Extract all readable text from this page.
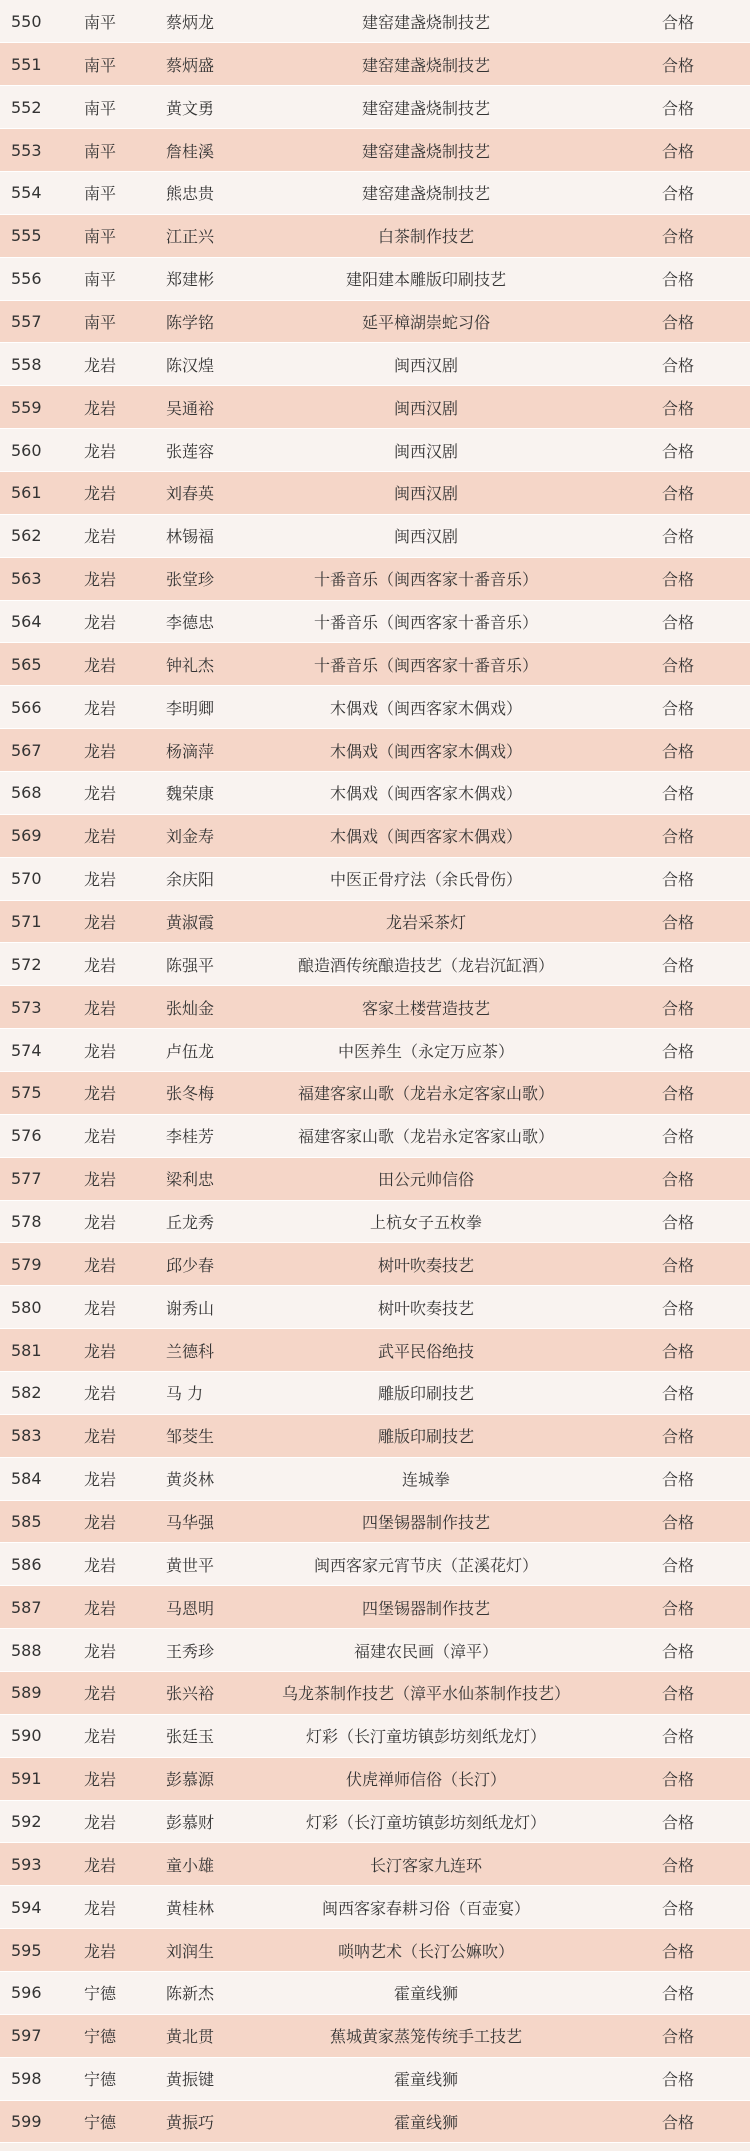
550	南平	蔡炳龙	建窑建盏烧制技艺	合格
551	南平	蔡炳盛	建窑建盏烧制技艺	合格
552	南平	黄文勇	建窑建盏烧制技艺	合格
553	南平	詹桂溪	建窑建盏烧制技艺	合格
554	南平	熊忠贵	建窑建盏烧制技艺	合格
555	南平	江正兴	白茶制作技艺	合格
556	南平	郑建彬	建阳建本雕版印刷技艺	合格
557	南平	陈学铭	延平樟湖崇蛇习俗	合格
558	龙岩	陈汉煌	闽西汉剧	合格
559	龙岩	吴通裕	闽西汉剧	合格
560	龙岩	张莲容	闽西汉剧	合格
561	龙岩	刘春英	闽西汉剧	合格
562	龙岩	林锡福	闽西汉剧	合格
563	龙岩	张堂珍	十番音乐（闽西客家十番音乐）	合格
564	龙岩	李德忠	十番音乐（闽西客家十番音乐）	合格
565	龙岩	钟礼杰	十番音乐（闽西客家十番音乐）	合格
566	龙岩	李明卿	木偶戏（闽西客家木偶戏）	合格
567	龙岩	杨滴萍	木偶戏（闽西客家木偶戏）	合格
568	龙岩	魏荣康	木偶戏（闽西客家木偶戏）	合格
569	龙岩	刘金寿	木偶戏（闽西客家木偶戏）	合格
570	龙岩	余庆阳	中医正骨疗法（余氏骨伤）	合格
571	龙岩	黄淑霞	龙岩采茶灯	合格
572	龙岩	陈强平	酿造酒传统酿造技艺（龙岩沉缸酒）	合格
573	龙岩	张灿金	客家土楼营造技艺	合格
574	龙岩	卢伍龙	中医养生（永定万应茶）	合格
575	龙岩	张冬梅	福建客家山歌（龙岩永定客家山歌）	合格
576	龙岩	李桂芳	福建客家山歌（龙岩永定客家山歌）	合格
577	龙岩	梁利忠	田公元帅信俗	合格
578	龙岩	丘龙秀	上杭女子五枚拳	合格
579	龙岩	邱少春	树叶吹奏技艺	合格
580	龙岩	谢秀山	树叶吹奏技艺	合格
581	龙岩	兰德科	武平民俗绝技	合格
582	龙岩	马 力	雕版印刷技艺	合格
583	龙岩	邹茭生	雕版印刷技艺	合格
584	龙岩	黄炎林	连城拳	合格
585	龙岩	马华强	四堡锡器制作技艺	合格
586	龙岩	黄世平	闽西客家元宵节庆（芷溪花灯）	合格
587	龙岩	马恩明	四堡锡器制作技艺	合格
588	龙岩	王秀珍	福建农民画（漳平）	合格
589	龙岩	张兴裕	乌龙茶制作技艺（漳平水仙茶制作技艺）	合格
590	龙岩	张廷玉	灯彩（长汀童坊镇彭坊刻纸龙灯）	合格
591	龙岩	彭慕源	伏虎禅师信俗（长汀）	合格
592	龙岩	彭慕财	灯彩（长汀童坊镇彭坊刻纸龙灯）	合格
593	龙岩	童小雄	长汀客家九连环	合格
594	龙岩	黄桂林	闽西客家春耕习俗（百壶宴）	合格
595	龙岩	刘润生	唢呐艺术（长汀公嫲吹）	合格
596	宁德	陈新杰	霍童线狮	合格
597	宁德	黄北贯	蕉城黄家蒸笼传统手工技艺	合格
598	宁德	黄振键	霍童线狮	合格
599	宁德	黄振巧	霍童线狮	合格
